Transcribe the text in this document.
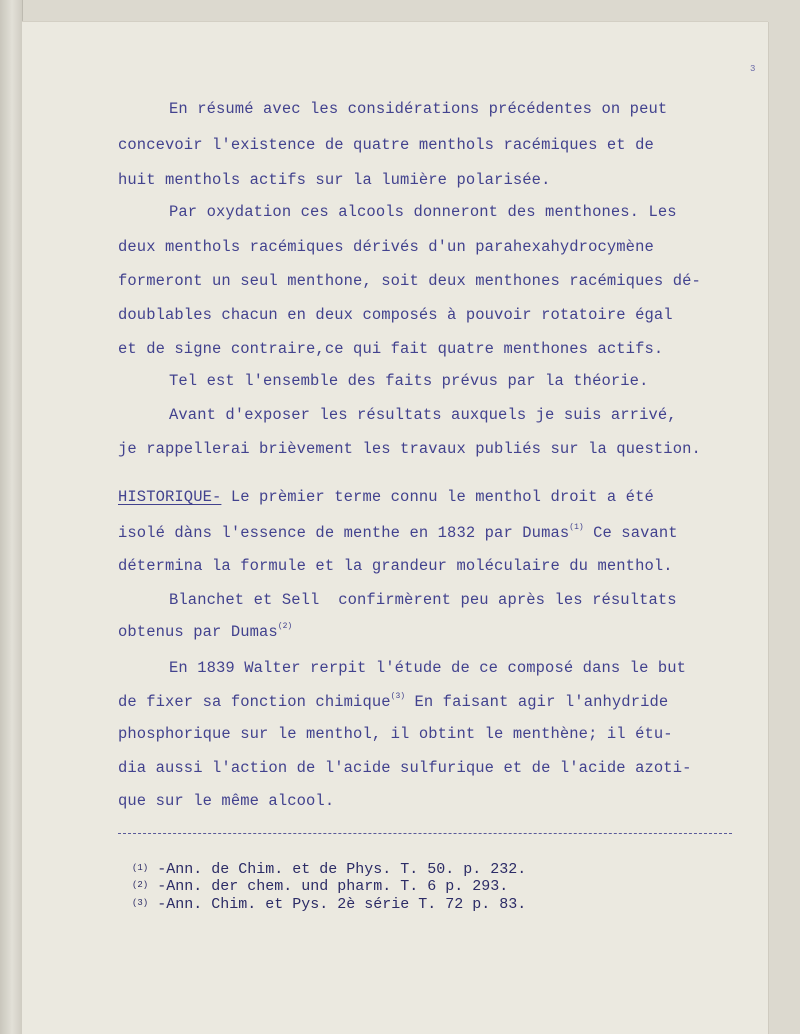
3

En résumé avec les considérations précédentes on peut

concevoir l'existence de quatre menthols racémiques et de

huit menthols actifs sur la lumière polarisée.

Par oxydation ces alcools donneront des menthones. Les

deux menthols racémiques dérivés d'un parahexahydrocymène

formeront un seul menthone, soit deux menthones racémiques dé-

doublables chacun en deux composés à pouvoir rotatoire égal

et de signe contraire,ce qui fait quatre menthones actifs.

Tel est l'ensemble des faits prévus par la théorie.

Avant d'exposer les résultats auxquels je suis arrivé,

je rappellerai brièvement les travaux publiés sur la question.

HISTORIQUE- Le prèmier terme connu le menthol droit a été

isolé dàns l'essence de menthe en 1832 par Dumas$^{(1)}$ Ce savant

détermina la formule et la grandeur moléculaire du menthol.

Blanchet et Sell  confirmèrent peu après les résultats

obtenus par Dumas$^{(2)}$

En 1839 Walter rerpit l'étude de ce composé dans le but

de fixer sa fonction chimique$^{(3)}$ En faisant agir l'anhydride

phosphorique sur le menthol, il obtint le menthène; il étu-

dia aussi l'action de l'acide sulfurique et de l'acide azoti-

que sur le même alcool.

$^{(1)}$ -Ann. de Chim. et de Phys. T. 50. p. 232.

$^{(2)}$ -Ann. der chem. und pharm. T. 6 p. 293.

$^{(3)}$ -Ann. Chim. et Pys. 2è série T. 72 p. 83.
